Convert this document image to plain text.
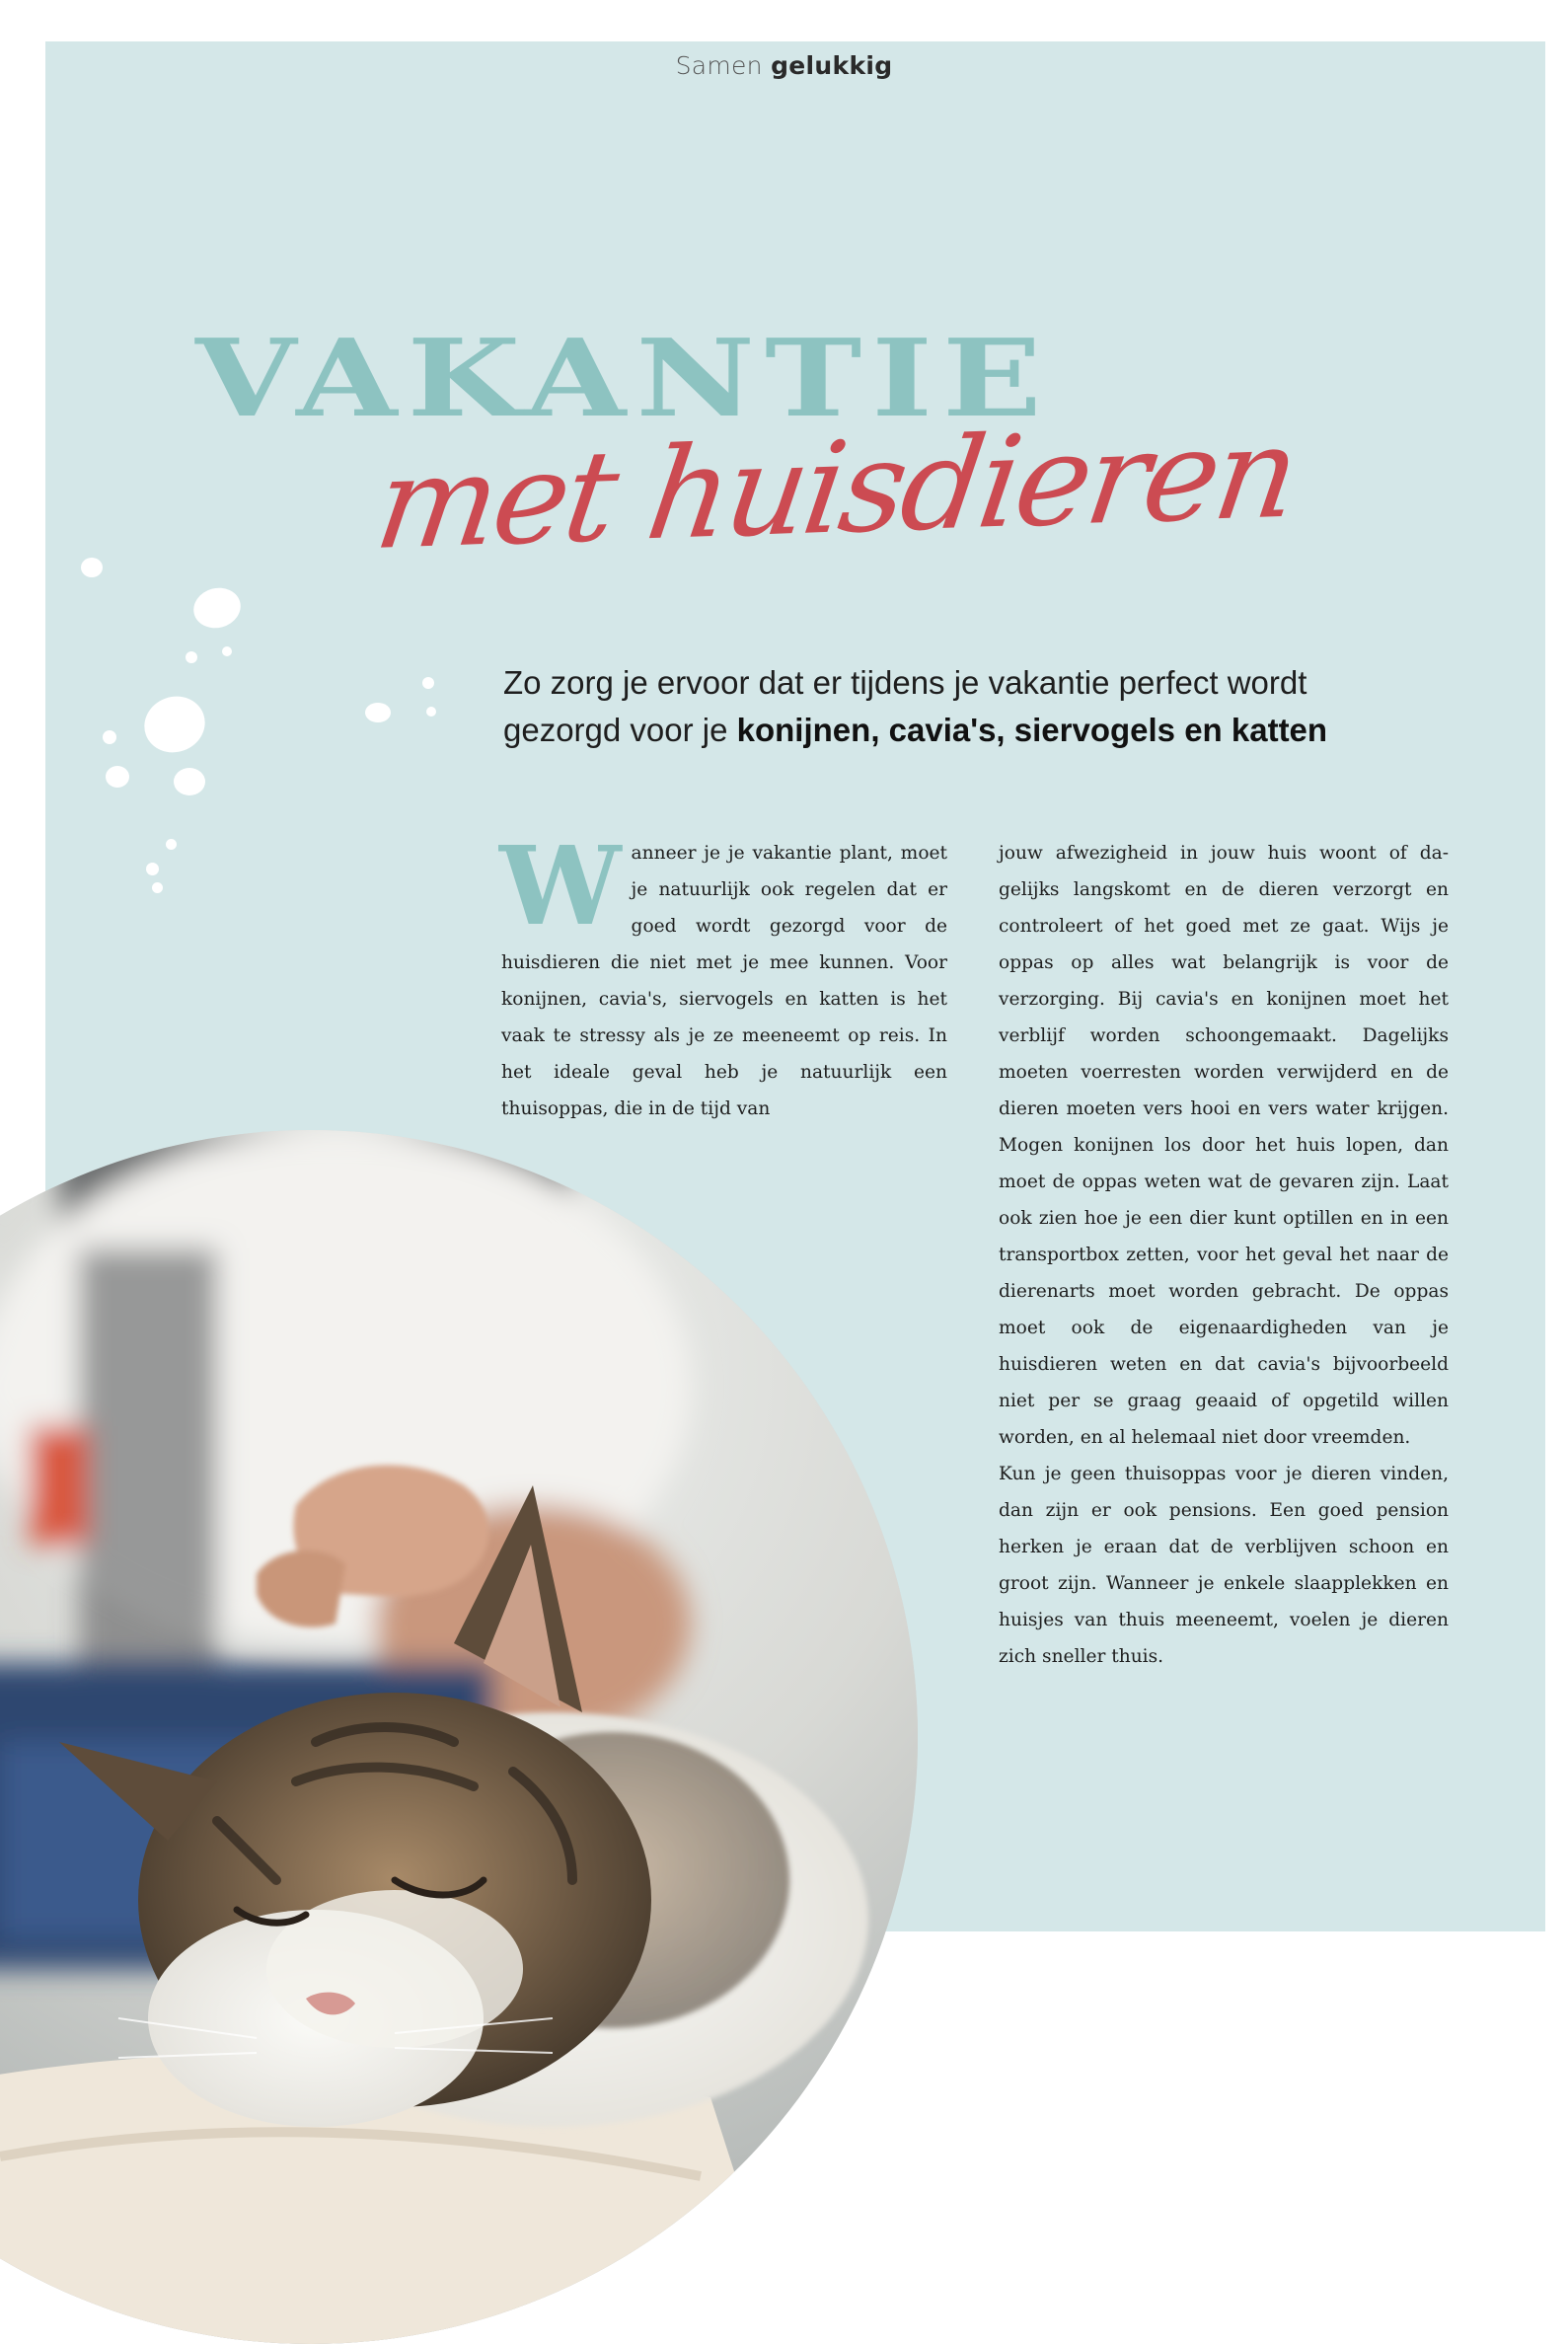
Samen gelukkig
VAKANTIE
met huisdieren
Zo zorg je ervoor dat er tijdens je vakantie perfect wordt gezorgd voor je konijnen, cavia's, siervogels en katten

Wanneer je je vakantie plant, moet je natuurlijk ook regelen dat er goed wordt gezorgd voor de huisdieren die niet met je mee kunnen. Voor konijnen, cavia's, siervogels en katten is het vaak te stressy als je ze meeneemt op reis. In het ideale geval heb je natuurlijk een thuisoppas, die in de tijd van

jouw afwezigheid in jouw huis woont of dagelijks langskomt en de dieren verzorgt en controleert of het goed met ze gaat. Wijs je oppas op alles wat belangrijk is voor de verzorging. Bij cavia's en konijnen moet het verblijf worden schoongemaakt. Dagelijks moeten voerresten worden verwijderd en de dieren moeten vers hooi en vers water krijgen. Mogen konijnen los door het huis lopen, dan moet de oppas weten wat de gevaren zijn. Laat ook zien hoe je een dier kunt optillen en in een transportbox zetten, voor het geval het naar de dierenarts moet worden gebracht. De oppas moet ook de eigenaardigheden van je huisdieren weten en dat cavia's bijvoorbeeld niet per se graag geaaid of opgetild willen worden, en al helemaal niet door vreemden.

Kun je geen thuisoppas voor je dieren vinden, dan zijn er ook pensions. Een goed pension herken je eraan dat de verblijven schoon en groot zijn. Wanneer je enkele slaapplekken en huisjes van thuis meeneemt, voelen je dieren zich sneller thuis.
